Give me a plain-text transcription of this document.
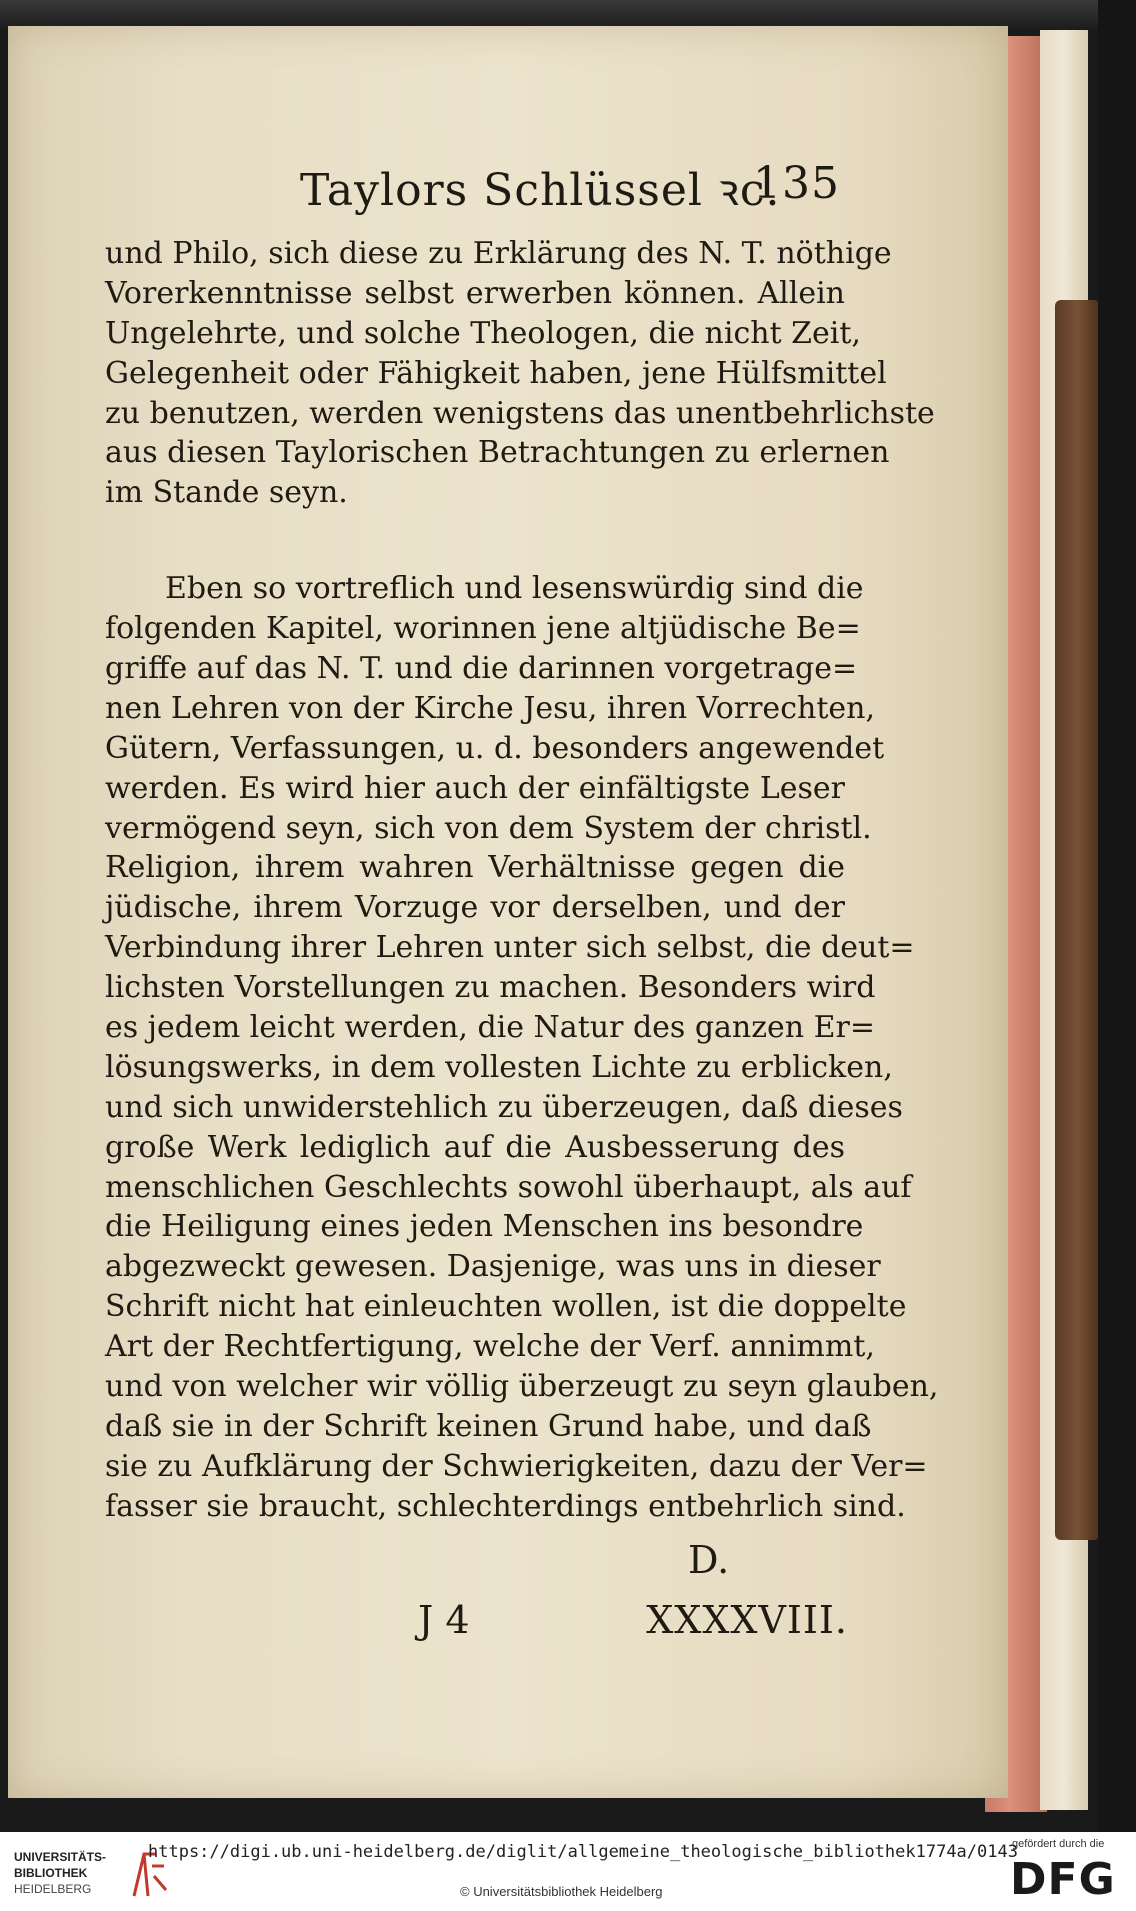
Taylors Schlüssel ꝛc.
135
und Philo, sich diese zu Erklärung des N. T. nöthige
Vorerkenntnisse selbst erwerben können. Allein
Ungelehrte, und solche Theologen, die nicht Zeit,
Gelegenheit oder Fähigkeit haben, jene Hülfsmittel
zu benutzen, werden wenigstens das unentbehrlichste
aus diesen Taylorischen Betrachtungen zu erlernen
im Stande seyn.
Eben so vortreflich und lesenswürdig sind die
folgenden Kapitel, worinnen jene altjüdische Be=
griffe auf das N. T. und die darinnen vorgetrage=
nen Lehren von der Kirche Jesu, ihren Vorrechten,
Gütern, Verfassungen, u. d. besonders angewendet
werden. Es wird hier auch der einfältigste Leser
vermögend seyn, sich von dem System der christl.
Religion, ihrem wahren Verhältnisse gegen die
jüdische, ihrem Vorzuge vor derselben, und der
Verbindung ihrer Lehren unter sich selbst, die deut=
lichsten Vorstellungen zu machen. Besonders wird
es jedem leicht werden, die Natur des ganzen Er=
lösungswerks, in dem vollesten Lichte zu erblicken,
und sich unwiderstehlich zu überzeugen, daß dieses
große Werk lediglich auf die Ausbesserung des
menschlichen Geschlechts sowohl überhaupt, als auf
die Heiligung eines jeden Menschen ins besondre
abgezweckt gewesen. Dasjenige, was uns in dieser
Schrift nicht hat einleuchten wollen, ist die doppelte
Art der Rechtfertigung, welche der Verf. annimmt,
und von welcher wir völlig überzeugt zu seyn glauben,
daß sie in der Schrift keinen Grund habe, und daß
sie zu Aufklärung der Schwierigkeiten, dazu der Ver=
fasser sie braucht, schlechterdings entbehrlich sind.
D.
J 4	XXXXVIII.
UNIVERSITÄTS-
BIBLIOTHEK
HEIDELBERG
https://digi.ub.uni-heidelberg.de/diglit/allgemeine_theologische_bibliothek1774a/0143
© Universitätsbibliothek Heidelberg
gefördert durch die
DFG
